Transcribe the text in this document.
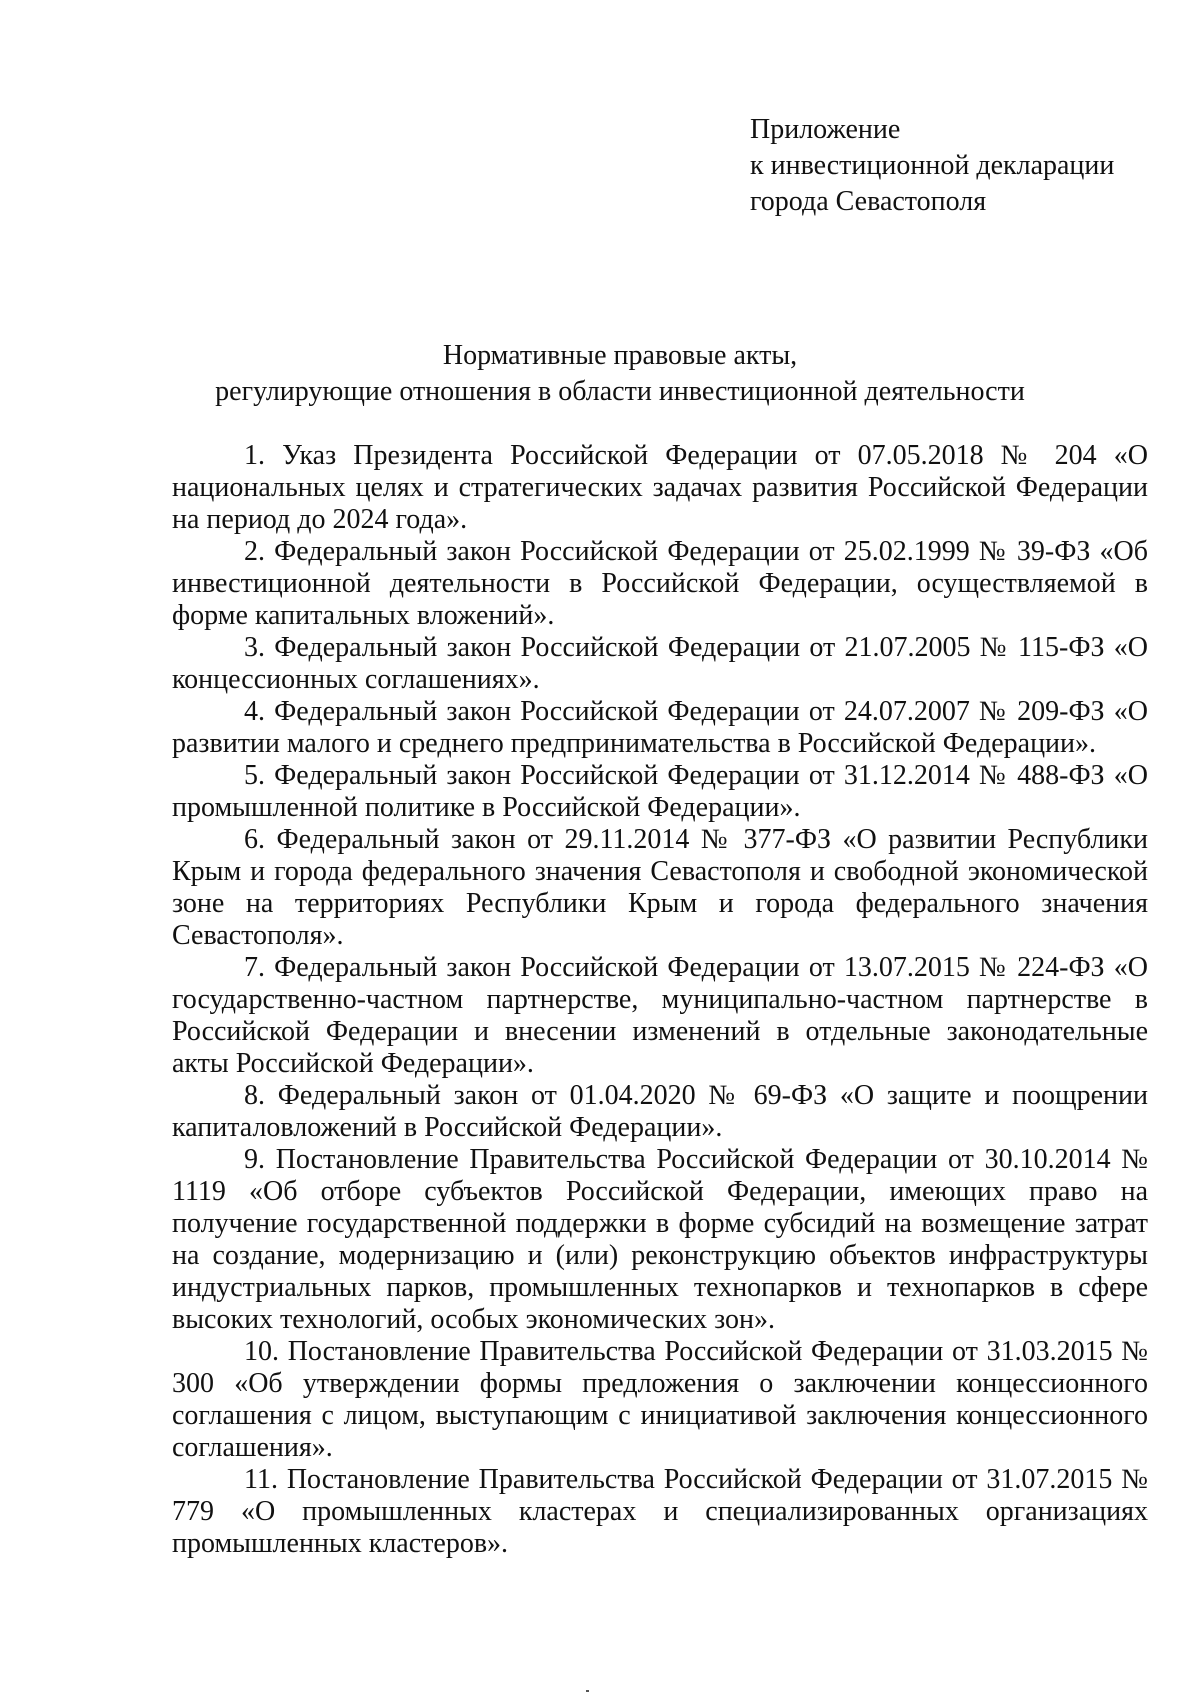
Приложение
к инвестиционной декларации
города Севастополя
Нормативные правовые акты,
регулирующие отношения в области инвестиционной деятельности

1. Указ Президента Российской Федерации от 07.05.2018 № 204 «О национальных целях и стратегических задачах развития Российской Федерации на период до 2024 года».

2. Федеральный закон Российской Федерации от 25.02.1999 № 39-ФЗ «Об инвестиционной деятельности в Российской Федерации, осуществляемой в форме капитальных вложений».

3. Федеральный закон Российской Федерации от 21.07.2005 № 115-ФЗ «О концессионных соглашениях».

4. Федеральный закон Российской Федерации от 24.07.2007 № 209-ФЗ «О развитии малого и среднего предпринимательства в Российской Федерации».

5. Федеральный закон Российской Федерации от 31.12.2014 № 488-ФЗ «О промышленной политике в Российской Федерации».

6. Федеральный закон от 29.11.2014 № 377-ФЗ «О развитии Республики Крым и города федерального значения Севастополя и свободной экономической зоне на территориях Республики Крым и города федерального значения Севастополя».

7. Федеральный закон Российской Федерации от 13.07.2015 № 224-ФЗ «О государственно-частном партнерстве, муниципально-частном партнерстве в Российской Федерации и внесении изменений в отдельные законодательные акты Российской Федерации».

8. Федеральный закон от 01.04.2020 № 69-ФЗ «О защите и поощрении капиталовложений в Российской Федерации».

9. Постановление Правительства Российской Федерации от 30.10.2014 № 1119 «Об отборе субъектов Российской Федерации, имеющих право на получение государственной поддержки в форме субсидий на возмещение затрат на создание, модернизацию и (или) реконструкцию объектов инфраструктуры индустриальных парков, промышленных технопарков и технопарков в сфере высоких технологий, особых экономических зон».

10. Постановление Правительства Российской Федерации от 31.03.2015 № 300 «Об утверждении формы предложения о заключении концессионного соглашения с лицом, выступающим с инициативой заключения концессионного соглашения».

11. Постановление Правительства Российской Федерации от 31.07.2015 № 779 «О промышленных кластерах и специализированных организациях промышленных кластеров».
